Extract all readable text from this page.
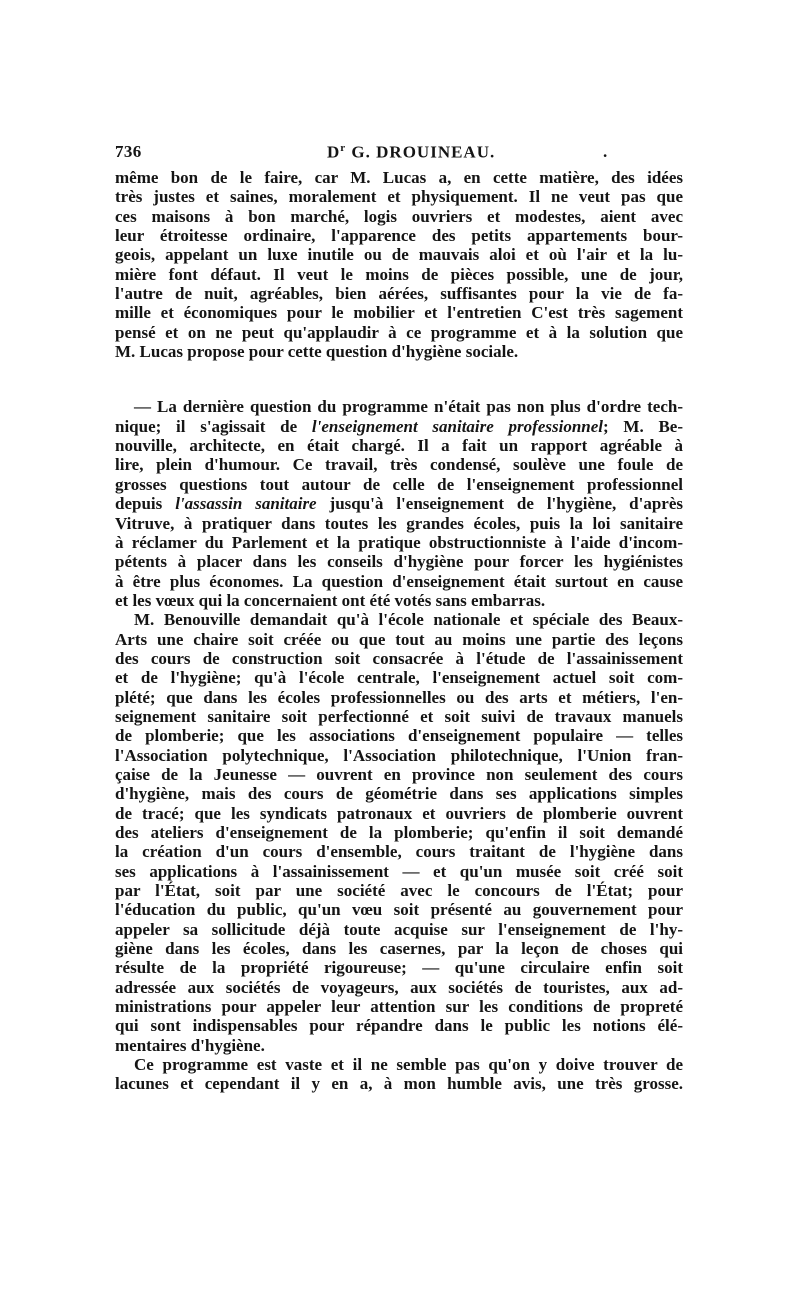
736	$D^r$ G. DROUINEAU.	.

même bon de le faire, car M. Lucas a, en cette matière, des idées

très justes et saines, moralement et physiquement. Il ne veut pas que

ces maisons à bon marché, logis ouvriers et modestes, aient avec

leur étroitesse ordinaire, l'apparence des petits appartements bour-

geois, appelant un luxe inutile ou de mauvais aloi et où l'air et la lu-

mière font défaut. Il veut le moins de pièces possible, une de jour,

l'autre de nuit, agréables, bien aérées, suffisantes pour la vie de fa-

mille et économiques pour le mobilier et l'entretien C'est très sagement

pensé et on ne peut qu'applaudir à ce programme et à la solution que

M. Lucas propose pour cette question d'hygiène sociale.

— La dernière question du programme n'était pas non plus d'ordre tech-

nique; il s'agissait de l'enseignement sanitaire professionnel; M. Be-

nouville, architecte, en était chargé. Il a fait un rapport agréable à

lire, plein d'humour. Ce travail, très condensé, soulève une foule de

grosses questions tout autour de celle de l'enseignement professionnel

depuis l'assassin sanitaire jusqu'à l'enseignement de l'hygiène, d'après

Vitruve, à pratiquer dans toutes les grandes écoles, puis la loi sanitaire

à réclamer du Parlement et la pratique obstructionniste à l'aide d'incom-

pétents à placer dans les conseils d'hygiène pour forcer les hygiénistes

à être plus économes. La question d'enseignement était surtout en cause

et les vœux qui la concernaient ont été votés sans embarras.

M. Benouville demandait qu'à l'école nationale et spéciale des Beaux-

Arts une chaire soit créée ou que tout au moins une partie des leçons

des cours de construction soit consacrée à l'étude de l'assainissement

et de l'hygiène; qu'à l'école centrale, l'enseignement actuel soit com-

plété; que dans les écoles professionnelles ou des arts et métiers, l'en-

seignement sanitaire soit perfectionné et soit suivi de travaux manuels

de plomberie; que les associations d'enseignement populaire — telles

l'Association polytechnique, l'Association philotechnique, l'Union fran-

çaise de la Jeunesse — ouvrent en province non seulement des cours

d'hygiène, mais des cours de géométrie dans ses applications simples

de tracé; que les syndicats patronaux et ouvriers de plomberie ouvrent

des ateliers d'enseignement de la plomberie; qu'enfin il soit demandé

la création d'un cours d'ensemble, cours traitant de l'hygiène dans

ses applications à l'assainissement — et qu'un musée soit créé soit

par l'État, soit par une société avec le concours de l'État; pour

l'éducation du public, qu'un vœu soit présenté au gouvernement pour

appeler sa sollicitude déjà toute acquise sur l'enseignement de l'hy-

giène dans les écoles, dans les casernes, par la leçon de choses qui

résulte de la propriété rigoureuse; — qu'une circulaire enfin soit

adressée aux sociétés de voyageurs, aux sociétés de touristes, aux ad-

ministrations pour appeler leur attention sur les conditions de propreté

qui sont indispensables pour répandre dans le public les notions élé-

mentaires d'hygiène.

Ce programme est vaste et il ne semble pas qu'on y doive trouver de

lacunes et cependant il y en a, à mon humble avis, une très grosse.
